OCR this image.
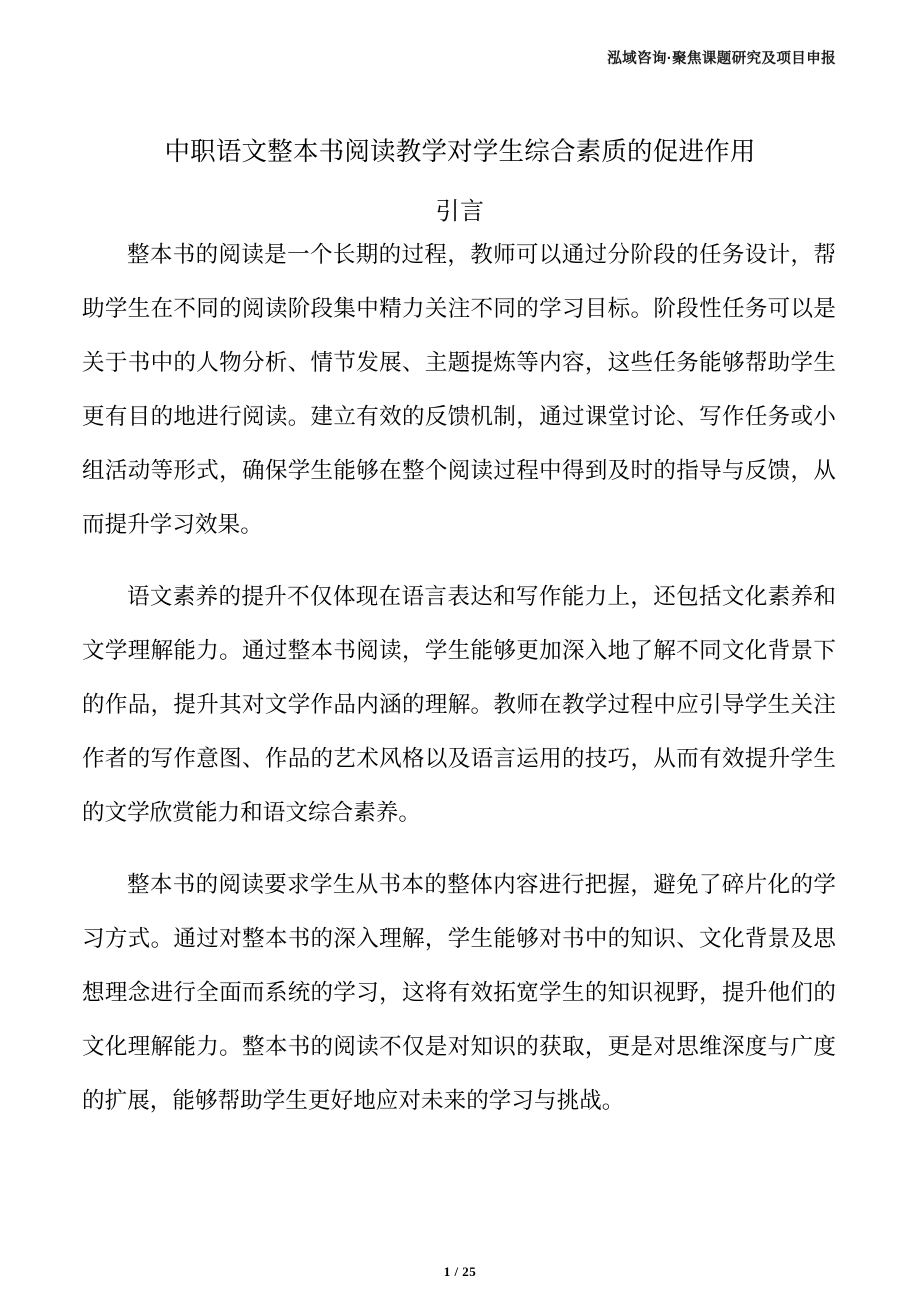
泓域咨询·聚焦课题研究及项目申报
中职语文整本书阅读教学对学生综合素质的促进作用
引言

整本书的阅读是一个长期的过程，教师可以通过分阶段的任务设计，帮助学生在不同的阅读阶段集中精力关注不同的学习目标。阶段性任务可以是关于书中的人物分析、情节发展、主题提炼等内容，这些任务能够帮助学生更有目的地进行阅读。建立有效的反馈机制，通过课堂讨论、写作任务或小组活动等形式，确保学生能够在整个阅读过程中得到及时的指导与反馈，从而提升学习效果。

语文素养的提升不仅体现在语言表达和写作能力上，还包括文化素养和文学理解能力。通过整本书阅读，学生能够更加深入地了解不同文化背景下的作品，提升其对文学作品内涵的理解。教师在教学过程中应引导学生关注作者的写作意图、作品的艺术风格以及语言运用的技巧，从而有效提升学生的文学欣赏能力和语文综合素养。

整本书的阅读要求学生从书本的整体内容进行把握，避免了碎片化的学习方式。通过对整本书的深入理解，学生能够对书中的知识、文化背景及思想理念进行全面而系统的学习，这将有效拓宽学生的知识视野，提升他们的文化理解能力。整本书的阅读不仅是对知识的获取，更是对思维深度与广度的扩展，能够帮助学生更好地应对未来的学习与挑战。

1 / 25
